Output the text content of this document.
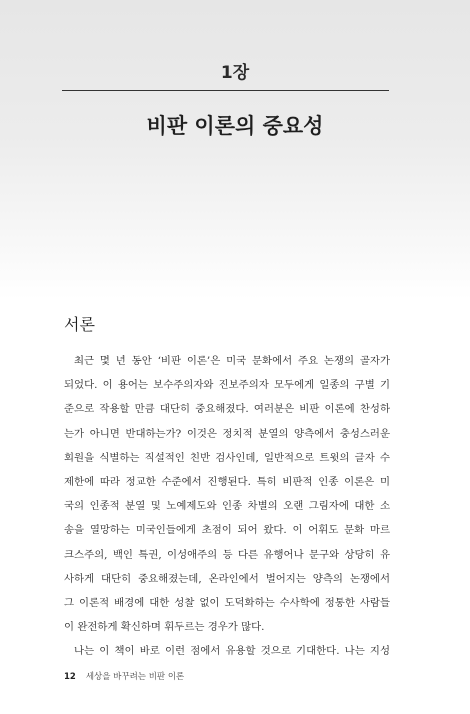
1장
비판 이론의 중요성
서론
최근 몇 년 동안 ‘비판 이론’은 미국 문화에서 주요 논쟁의 골자가
되었다. 이 용어는 보수주의자와 진보주의자 모두에게 일종의 구별 기
준으로 작용할 만큼 대단히 중요해졌다. 여러분은 비판 이론에 찬성하
는가 아니면 반대하는가? 이것은 정치적 분열의 양측에서 충성스러운
회원을 식별하는 직설적인 친반 검사인데, 일반적으로 트윗의 글자 수
제한에 따라 정교한 수준에서 진행된다. 특히 비판적 인종 이론은 미
국의 인종적 분열 및 노예제도와 인종 차별의 오랜 그림자에 대한 소
송을 열망하는 미국인들에게 초점이 되어 왔다. 이 어휘도 문화 마르
크스주의, 백인 특권, 이성애주의 등 다른 유행어나 문구와 상당히 유
사하게 대단히 중요해졌는데, 온라인에서 벌어지는 양측의 논쟁에서
그 이론적 배경에 대한 성찰 없이 도덕화하는 수사학에 정통한 사람들
이 완전하게 확신하며 휘두르는 경우가 많다.
나는 이 책이 바로 이런 점에서 유용할 것으로 기대한다. 나는 지성
12 세상을 바꾸려는 비판 이론
